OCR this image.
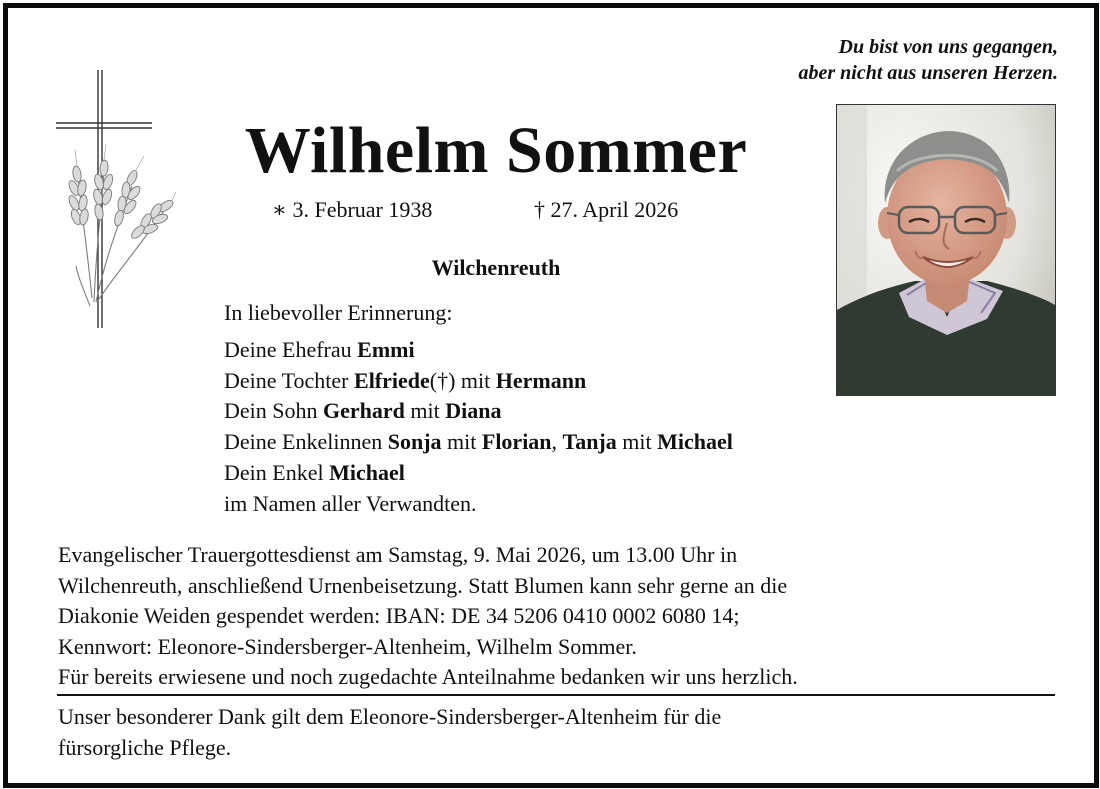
Du bist von uns gegangen,
aber nicht aus unseren Herzen.
Wilhelm Sommer
∗ 3. Februar 1938	† 27. April 2026
Wilchenreuth
In liebevoller Erinnerung:
Deine Ehefrau Emmi
Deine Tochter Elfriede(†) mit Hermann
Dein Sohn Gerhard mit Diana
Deine Enkelinnen Sonja mit Florian, Tanja mit Michael
Dein Enkel Michael
im Namen aller Verwandten.
Evangelischer Trauergottesdienst am Samstag, 9. Mai 2026, um 13.00 Uhr in
Wilchenreuth, anschließend Urnenbeisetzung. Statt Blumen kann sehr gerne an die
Diakonie Weiden gespendet werden: IBAN: DE 34 5206 0410 0002 6080 14;
Kennwort: Eleonore-Sindersberger-Altenheim, Wilhelm Sommer.
Für bereits erwiesene und noch zugedachte Anteilnahme bedanken wir uns herzlich.
Unser besonderer Dank gilt dem Eleonore-Sindersberger-Altenheim für die
fürsorgliche Pflege.
